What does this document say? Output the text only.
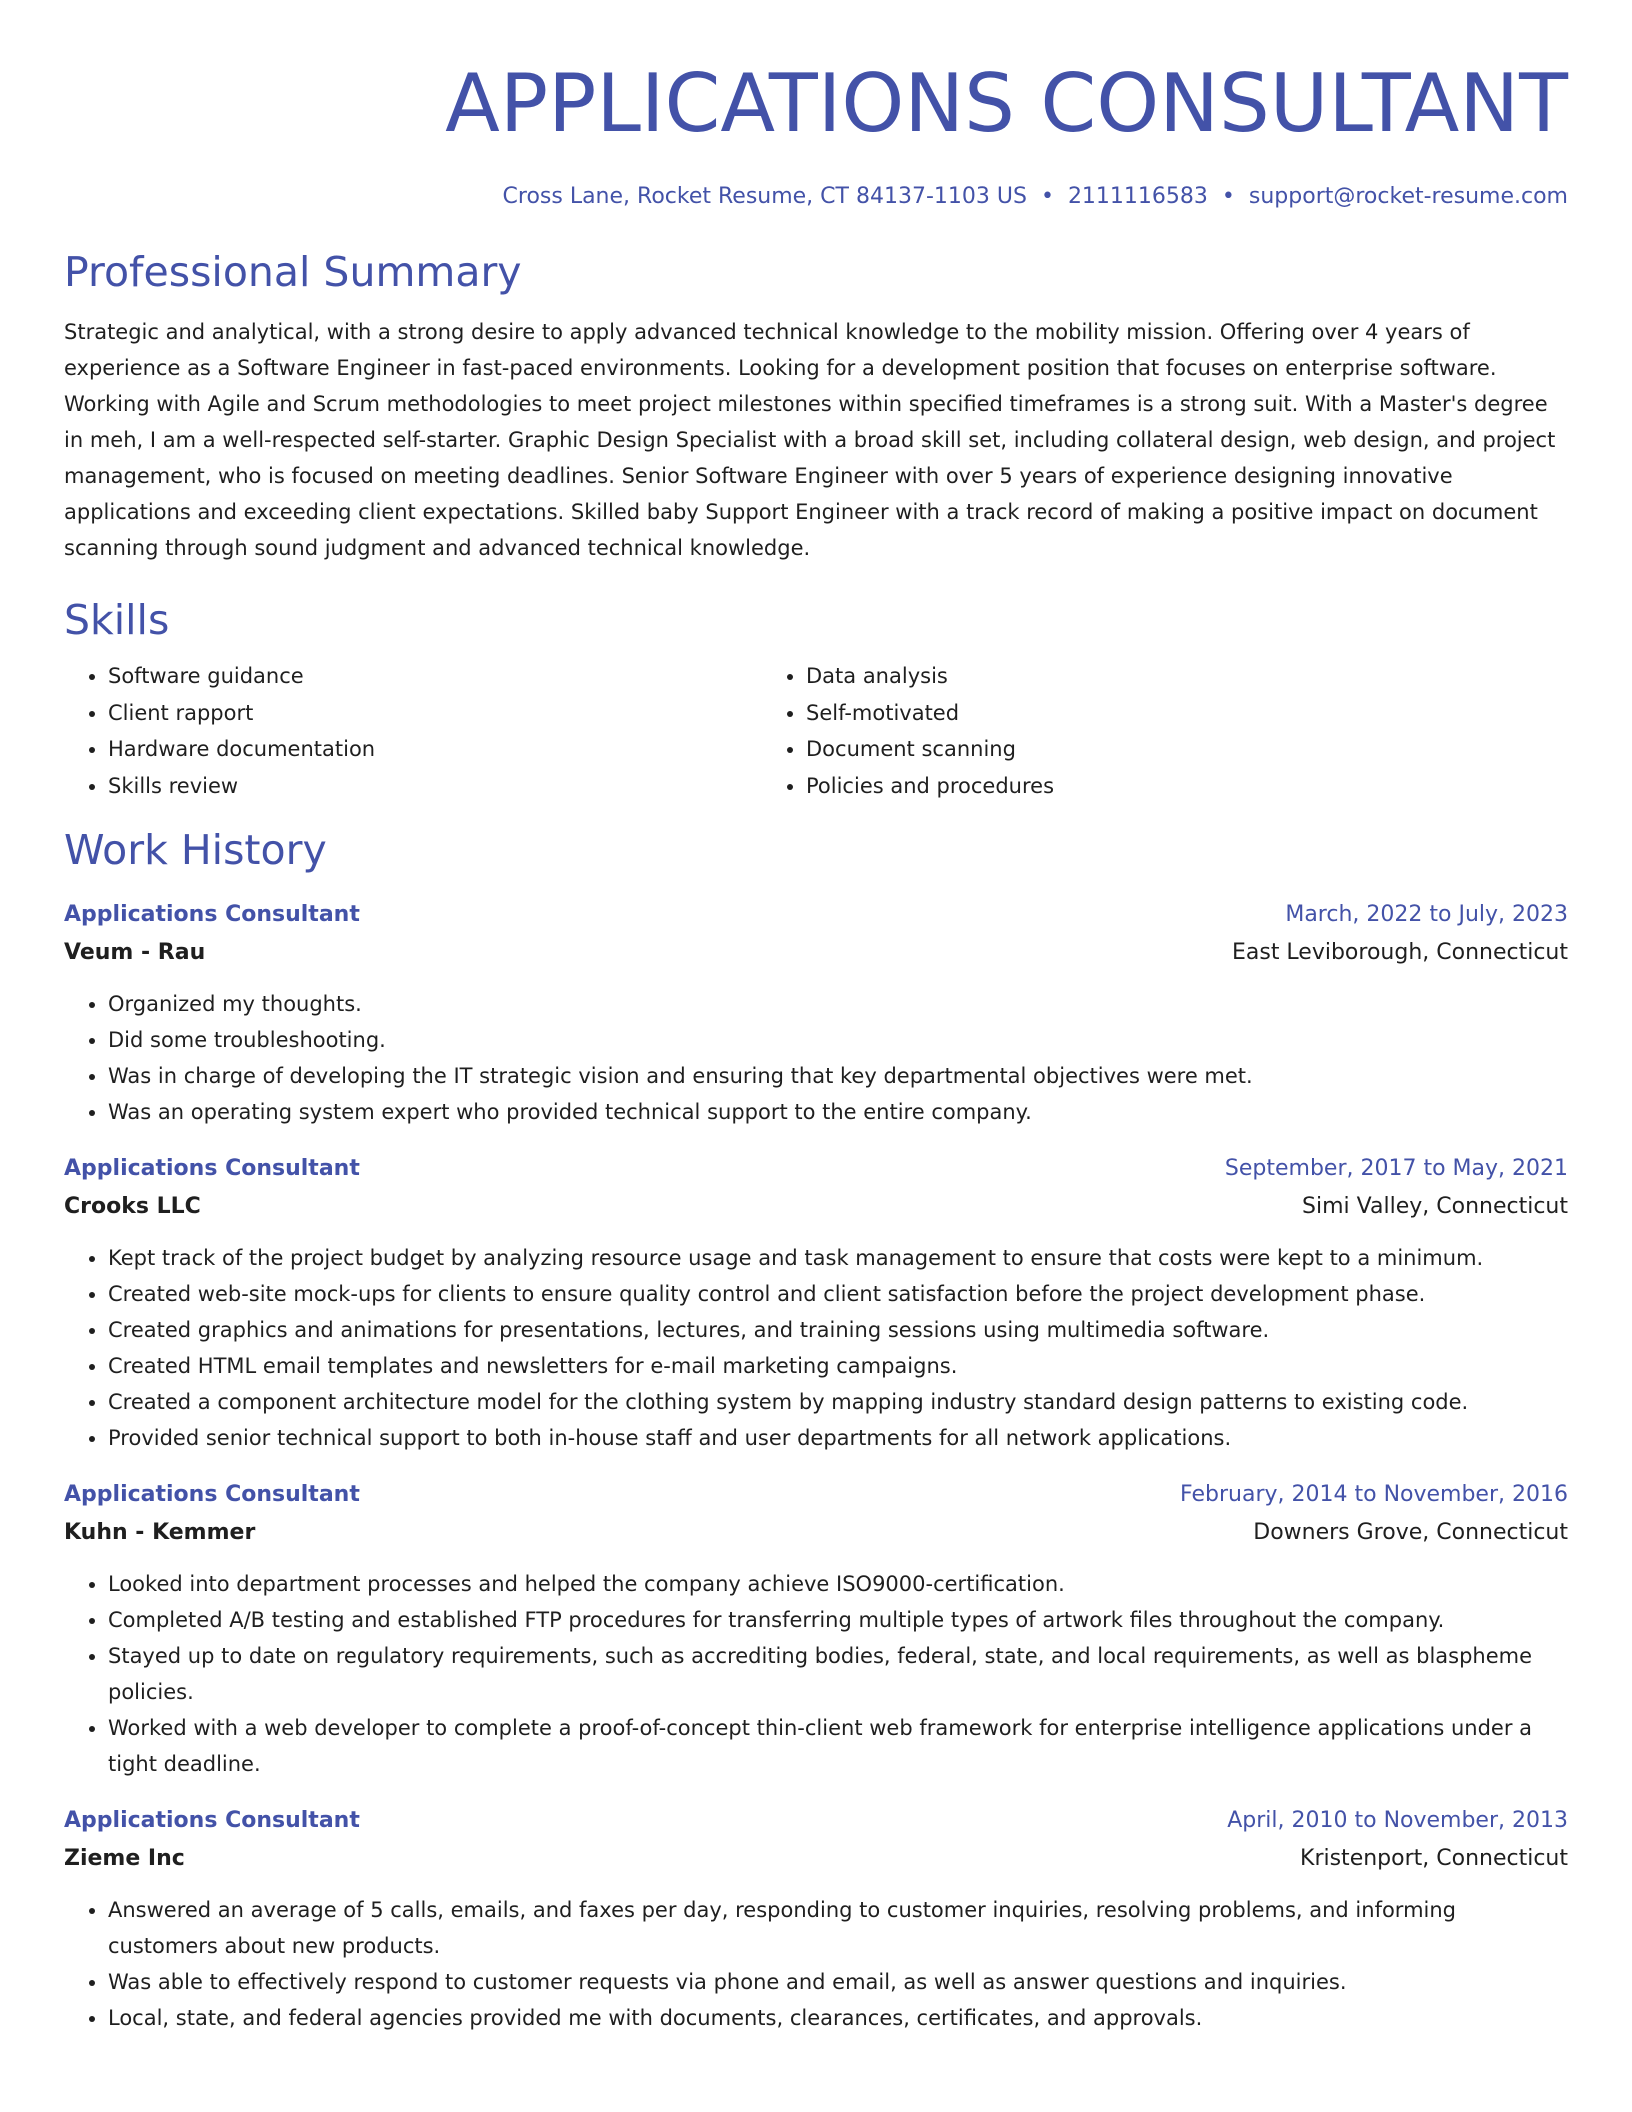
APPLICATIONS CONSULTANT
Cross Lane, Rocket Resume, CT 84137-1103 US • 2111116583 • support@rocket-resume.com
Professional Summary

Strategic and analytical, with a strong desire to apply advanced technical knowledge to the mobility mission. Offering over 4 years of experience as a Software Engineer in fast-paced environments. Looking for a development position that focuses on enterprise software. Working with Agile and Scrum methodologies to meet project milestones within specified timeframes is a strong suit. With a Master's degree in meh, I am a well-respected self-starter. Graphic Design Specialist with a broad skill set, including collateral design, web design, and project management, who is focused on meeting deadlines. Senior Software Engineer with over 5 years of experience designing innovative applications and exceeding client expectations. Skilled baby Support Engineer with a track record of making a positive impact on document scanning through sound judgment and advanced technical knowledge.

Skills
• Software guidance
• Client rapport
• Hardware documentation
• Skills review
• Data analysis
• Self-motivated
• Document scanning
• Policies and procedures
Work History
Applications Consultant	March, 2022 to July, 2023
Veum - Rau	East Leviborough, Connecticut
• Organized my thoughts.
• Did some troubleshooting.
• Was in charge of developing the IT strategic vision and ensuring that key departmental objectives were met.
• Was an operating system expert who provided technical support to the entire company.
Applications Consultant	September, 2017 to May, 2021
Crooks LLC	Simi Valley, Connecticut
• Kept track of the project budget by analyzing resource usage and task management to ensure that costs were kept to a minimum.
• Created web-site mock-ups for clients to ensure quality control and client satisfaction before the project development phase.
• Created graphics and animations for presentations, lectures, and training sessions using multimedia software.
• Created HTML email templates and newsletters for e-mail marketing campaigns.
• Created a component architecture model for the clothing system by mapping industry standard design patterns to existing code.
• Provided senior technical support to both in-house staff and user departments for all network applications.
Applications Consultant	February, 2014 to November, 2016
Kuhn - Kemmer	Downers Grove, Connecticut
• Looked into department processes and helped the company achieve ISO9000-certification.
• Completed A/B testing and established FTP procedures for transferring multiple types of artwork files throughout the company.
• Stayed up to date on regulatory requirements, such as accrediting bodies, federal, state, and local requirements, as well as blaspheme policies.
• Worked with a web developer to complete a proof-of-concept thin-client web framework for enterprise intelligence applications under a tight deadline.
Applications Consultant	April, 2010 to November, 2013
Zieme Inc	Kristenport, Connecticut
• Answered an average of 5 calls, emails, and faxes per day, responding to customer inquiries, resolving problems, and informing customers about new products.
• Was able to effectively respond to customer requests via phone and email, as well as answer questions and inquiries.
• Local, state, and federal agencies provided me with documents, clearances, certificates, and approvals.
